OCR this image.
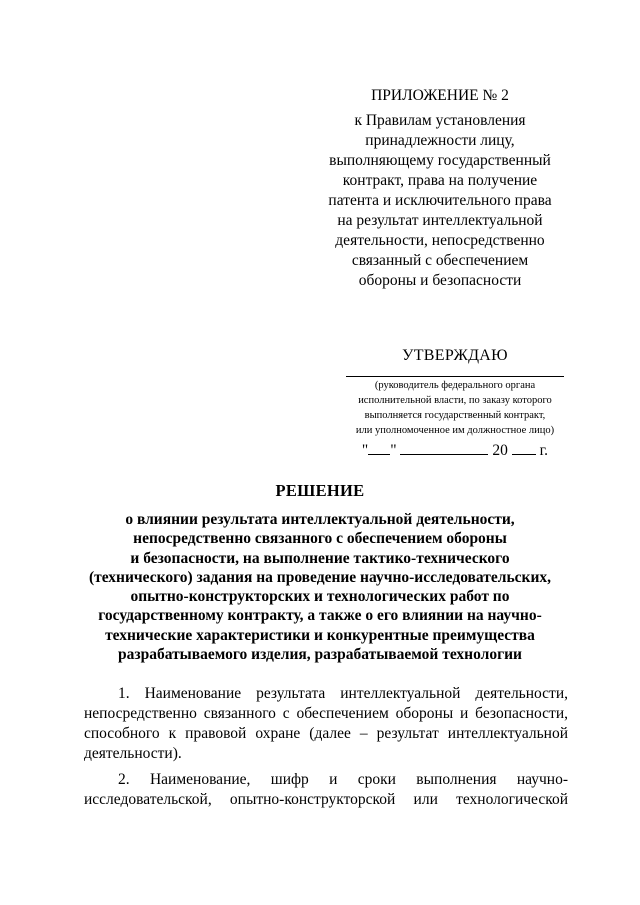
ПРИЛОЖЕНИЕ № 2
к Правилам установления
принадлежности лицу,
выполняющему государственный
контракт, права на получение
патента и исключительного права
на результат интеллектуальной
деятельности, непосредственно
связанный с обеспечением
обороны и безопасности
УТВЕРЖДАЮ
(руководитель федерального органа
исполнительной власти, по заказу которого
выполняется государственный контракт,
или уполномоченное им должностное лицо)
" "	20 г.
РЕШЕНИЕ
о влиянии результата интеллектуальной деятельности,
непосредственно связанного с обеспечением обороны
и безопасности, на выполнение тактико-технического
(технического) задания на проведение научно-исследовательских,
опытно-конструкторских и технологических работ по
государственному контракту, а также о его влиянии на научно-
технические характеристики и конкурентные преимущества
разрабатываемого изделия, разрабатываемой технологии
1. Наименование результата интеллектуальной деятельности,
непосредственно связанного с обеспечением обороны и безопасности,
способного к правовой охране (далее – результат интеллектуальной
деятельности).
2. Наименование, шифр и сроки выполнения научно-
исследовательской, опытно-конструкторской или технологической
